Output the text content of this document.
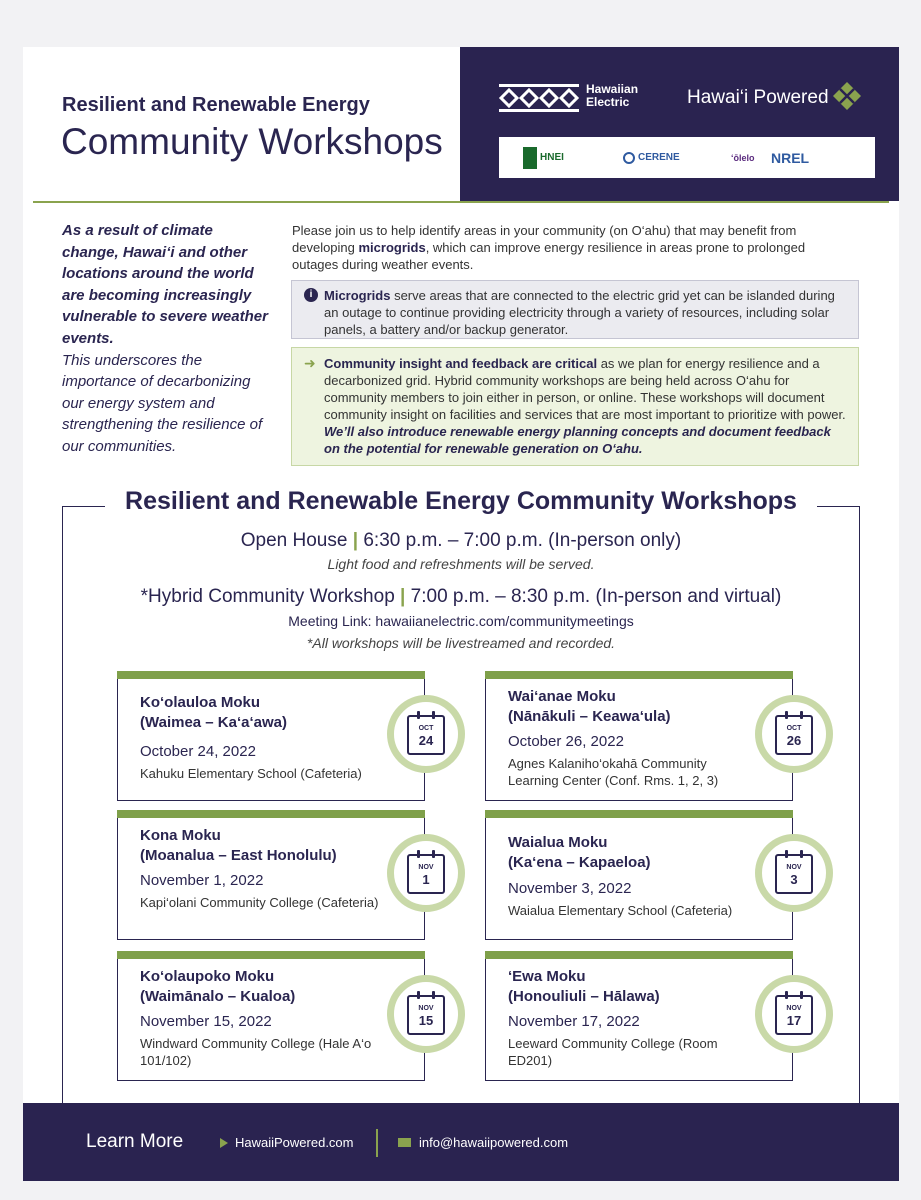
Resilient and Renewable Energy
Community Workshops
Hawaiian
Electric	Hawai‘i Powered
HNEI	CERENE	ʻōlelo NREL
As a result of climate change, Hawai‘i and other locations around the world are becoming increasingly vulnerable to severe weather events.
This underscores the importance of decarbonizing our energy system and strengthening the resilience of our communities.
Please join us to help identify areas in your community (on O‘ahu) that may benefit from developing microgrids, which can improve energy resilience in areas prone to prolonged outages during weather events.
i Microgrids serve areas that are connected to the electric grid yet can be islanded during an outage to continue providing electricity through a variety of resources, including solar panels, a battery and/or backup generator.
➜ Community insight and feedback are critical as we plan for energy resilience and a decarbonized grid. Hybrid community workshops are being held across O‘ahu for community members to join either in person, or online. These workshops will document community insight on facilities and services that are most important to prioritize with power. We’ll also introduce renewable energy planning concepts and document feedback on the potential for renewable generation on O‘ahu.
Resilient and Renewable Energy Community Workshops
Open House | 6:30 p.m. – 7:00 p.m. (In-person only)
Light food and refreshments will be served.
*Hybrid Community Workshop | 7:00 p.m. – 8:30 p.m. (In-person and virtual)
Meeting Link: hawaiianelectric.com/communitymeetings
*All workshops will be livestreamed and recorded.
Ko‘olauloa Moku
(Waimea – Ka‘a‘awa)
October 24, 2022
Kahuku Elementary School (Cafeteria)
OCT
24
Wai‘anae Moku
(Nānākuli – Keawa‘ula)
October 26, 2022
Agnes Kalaniho‘okahā Community Learning Center (Conf. Rms. 1, 2, 3)
OCT
26
Kona Moku
(Moanalua – East Honolulu)
November 1, 2022
Kapi‘olani Community College (Cafeteria)
NOV
1
Waialua Moku
(Ka‘ena – Kapaeloa)
November 3, 2022
Waialua Elementary School (Cafeteria)
NOV
3
Ko‘olaupoko Moku
(Waimānalo – Kualoa)
November 15, 2022
Windward Community College (Hale A‘o 101/102)
NOV
15
‘Ewa Moku
(Honouliuli – Hālawa)
November 17, 2022
Leeward Community College (Room ED201)
NOV
17
Learn More	HawaiiPowered.com	info@hawaiipowered.com
